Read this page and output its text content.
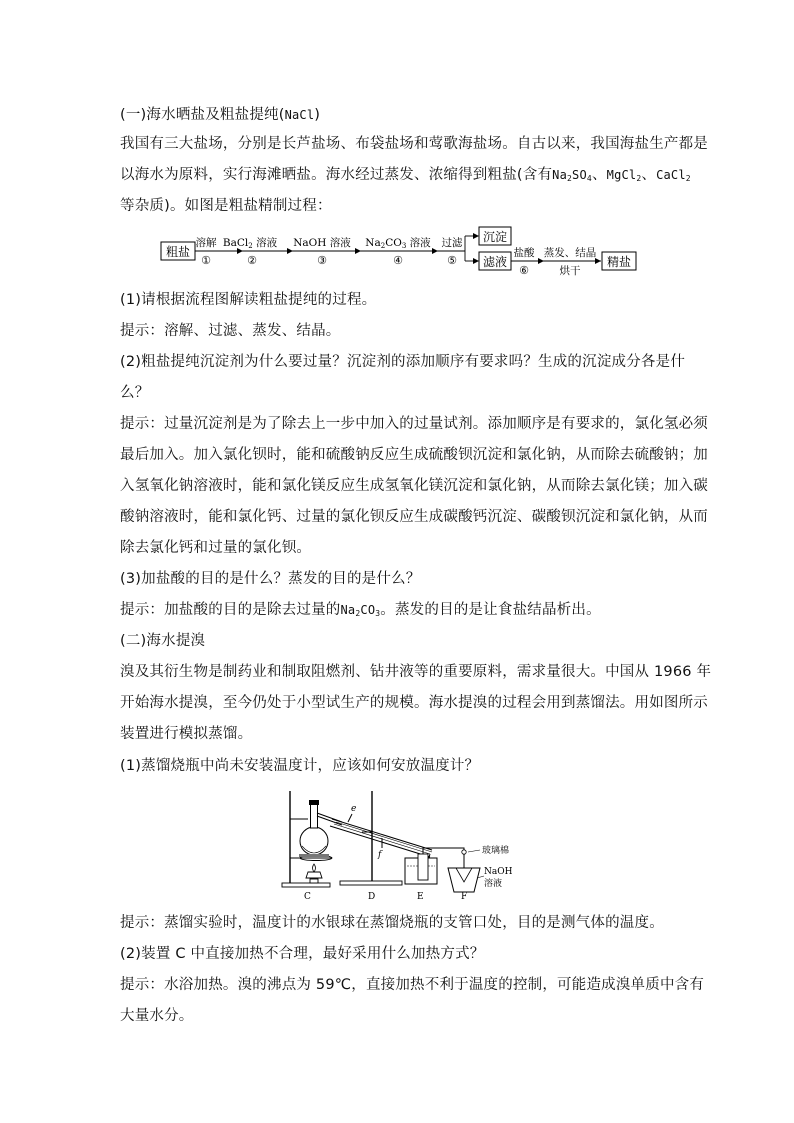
(一)海水晒盐及粗盐提纯(NaCl)
我国有三大盐场，分别是长芦盐场、布袋盐场和莺歌海盐场。自古以来，我国海盐生产都是
以海水为原料，实行海滩晒盐。海水经过蒸发、浓缩得到粗盐(含有$Na_2SO_4$、MgCl$_2$、CaCl$_2$
等杂质)。如图是粗盐精制过程：
粗盐
溶解
①
BaCl2 溶液
②
NaOH 溶液
③
Na2CO3 溶液
④
过滤
⑤
沉淀
滤液
盐酸
⑥
蒸发、结晶
烘干
精盐
(1)请根据流程图解读粗盐提纯的过程。
提示：溶解、过滤、蒸发、结晶。
(2)粗盐提纯沉淀剂为什么要过量？沉淀剂的添加顺序有要求吗？生成的沉淀成分各是什
么？
提示：过量沉淀剂是为了除去上一步中加入的过量试剂。添加顺序是有要求的，氯化氢必须
最后加入。加入氯化钡时，能和硫酸钠反应生成硫酸钡沉淀和氯化钠，从而除去硫酸钠；加
入氢氧化钠溶液时，能和氯化镁反应生成氢氧化镁沉淀和氯化钠，从而除去氯化镁；加入碳
酸钠溶液时，能和氯化钙、过量的氯化钡反应生成碳酸钙沉淀、碳酸钡沉淀和氯化钠，从而
除去氯化钙和过量的氯化钡。
(3)加盐酸的目的是什么？蒸发的目的是什么？
提示：加盐酸的目的是除去过量的$Na_2CO_3$。蒸发的目的是让食盐结晶析出。
(二)海水提溴
溴及其衍生物是制药业和制取阻燃剂、钻井液等的重要原料，需求量很大。中国从 1966 年
开始海水提溴，至今仍处于小型试生产的规模。海水提溴的过程会用到蒸馏法。用如图所示
装置进行模拟蒸馏。
(1)蒸馏烧瓶中尚未安装温度计，应该如何安放温度计？
e
f	玻璃棉
NaOH
溶液
C	D	E	F
提示：蒸馏实验时，温度计的水银球在蒸馏烧瓶的支管口处，目的是测气体的温度。
(2)装置 C 中直接加热不合理，最好采用什么加热方式？
提示：水浴加热。溴的沸点为 59℃，直接加热不利于温度的控制，可能造成溴单质中含有
大量水分。
